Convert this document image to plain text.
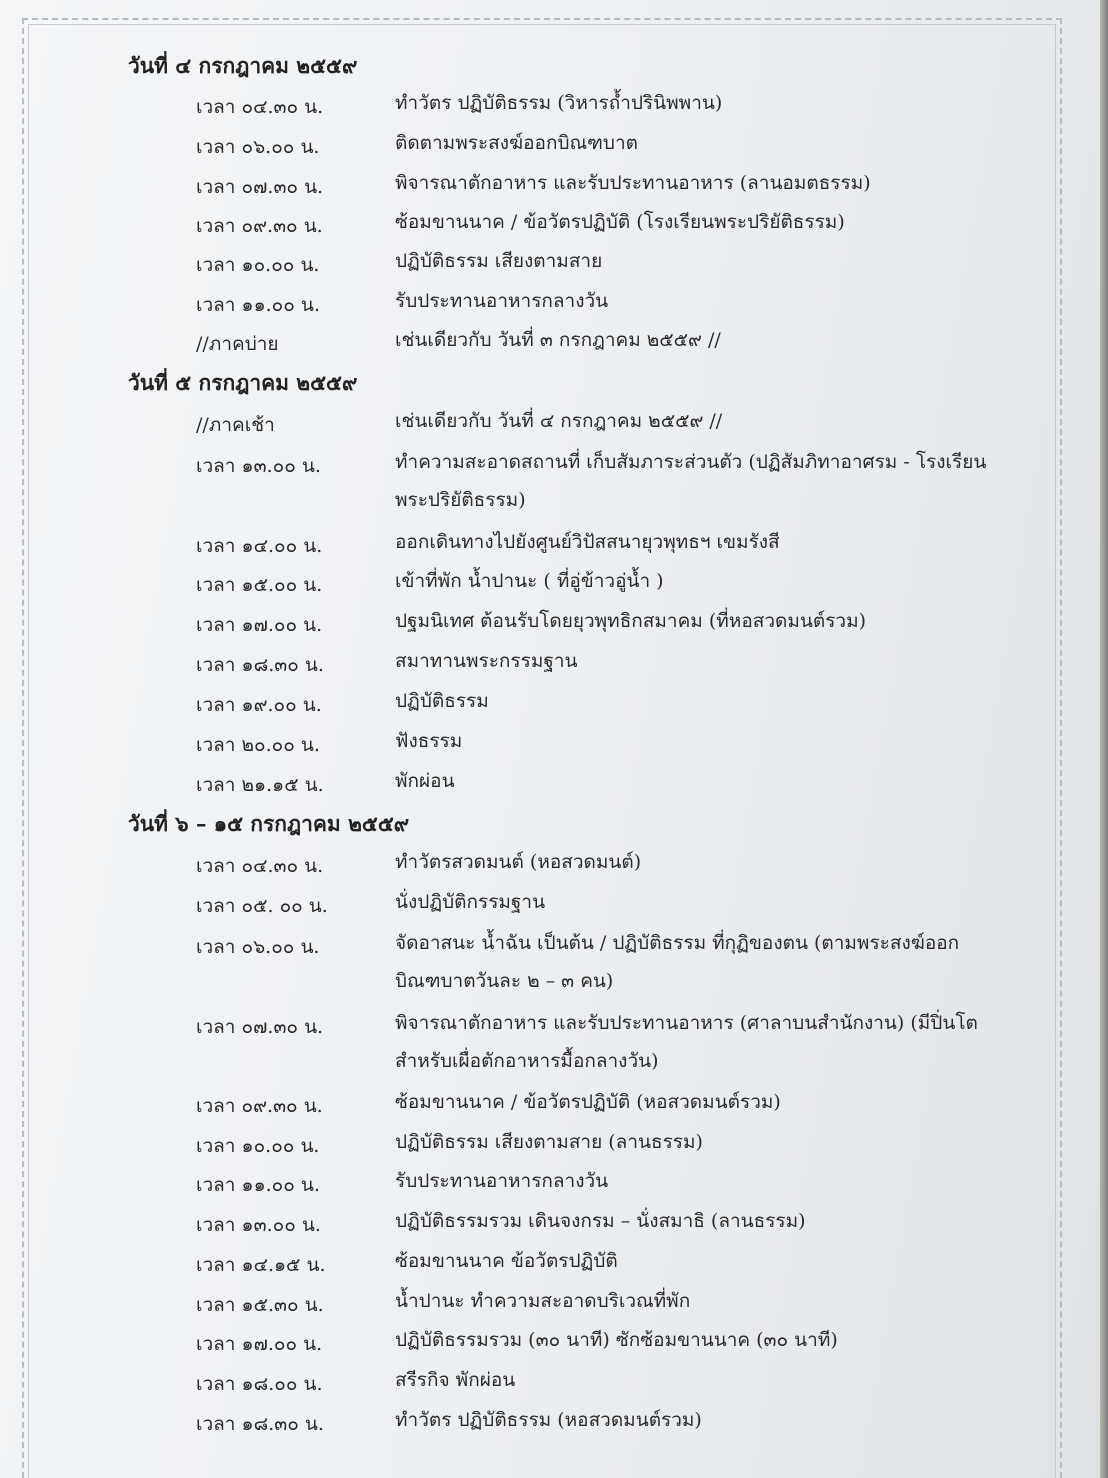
วันที่ ๔ กรกฎาคม ๒๕๕๙
เวลา ๐๔.๓๐ น.	ทำวัตร ปฏิบัติธรรม (วิหารถ้ำปรินิพพาน)
เวลา ๐๖.๐๐ น.	ติดตามพระสงฆ์ออกบิณฑบาต
เวลา ๐๗.๓๐ น.	พิจารณาตักอาหาร และรับประทานอาหาร (ลานอมตธรรม)
เวลา ๐๙.๓๐ น.	ซ้อมขานนาค / ข้อวัตรปฏิบัติ (โรงเรียนพระปริยัติธรรม)
เวลา ๑๐.๐๐ น.	ปฏิบัติธรรม เสียงตามสาย
เวลา ๑๑.๐๐ น.	รับประทานอาหารกลางวัน
//ภาคบ่าย	เช่นเดียวกับ วันที่ ๓ กรกฎาคม ๒๕๕๙ //
วันที่ ๕ กรกฎาคม ๒๕๕๙
//ภาคเช้า	เช่นเดียวกับ วันที่ ๔ กรกฎาคม ๒๕๕๙ //
เวลา ๑๓.๐๐ น.	ทำความสะอาดสถานที่ เก็บสัมภาระส่วนตัว (ปฏิสัมภิทาอาศรม - โรงเรียนพระปริยัติธรรม)
เวลา ๑๔.๐๐ น.	ออกเดินทางไปยังศูนย์วิปัสสนายุวพุทธฯ เขมรังสี
เวลา ๑๕.๐๐ น.	เข้าที่พัก น้ำปานะ ( ที่อู่ข้าวอู่น้ำ )
เวลา ๑๗.๐๐ น.	ปฐมนิเทศ ต้อนรับโดยยุวพุทธิกสมาคม (ที่หอสวดมนต์รวม)
เวลา ๑๘.๓๐ น.	สมาทานพระกรรมฐาน
เวลา ๑๙.๐๐ น.	ปฏิบัติธรรม
เวลา ๒๐.๐๐ น.	ฟังธรรม
เวลา ๒๑.๑๕ น.	พักผ่อน
วันที่ ๖ – ๑๕ กรกฎาคม ๒๕๕๙
เวลา ๐๔.๓๐ น.	ทำวัตรสวดมนต์ (หอสวดมนต์)
เวลา ๐๕. ๐๐ น.	นั่งปฏิบัติกรรมฐาน
เวลา ๐๖.๐๐ น.	จัดอาสนะ น้ำฉัน เป็นต้น / ปฏิบัติธรรม ที่กุฏิของตน (ตามพระสงฆ์ออกบิณฑบาตวันละ ๒ – ๓ คน)
เวลา ๐๗.๓๐ น.	พิจารณาตักอาหาร และรับประทานอาหาร (ศาลาบนสำนักงาน) (มีปิ่นโต สำหรับเผื่อตักอาหารมื้อกลางวัน)
เวลา ๐๙.๓๐ น.	ซ้อมขานนาค / ข้อวัตรปฏิบัติ (หอสวดมนต์รวม)
เวลา ๑๐.๐๐ น.	ปฏิบัติธรรม เสียงตามสาย (ลานธรรม)
เวลา ๑๑.๐๐ น.	รับประทานอาหารกลางวัน
เวลา ๑๓.๐๐ น.	ปฏิบัติธรรมรวม เดินจงกรม – นั่งสมาธิ (ลานธรรม)
เวลา ๑๔.๑๕ น.	ซ้อมขานนาค ข้อวัตรปฏิบัติ
เวลา ๑๕.๓๐ น.	น้ำปานะ ทำความสะอาดบริเวณที่พัก
เวลา ๑๗.๐๐ น.	ปฏิบัติธรรมรวม (๓๐ นาที) ซักซ้อมขานนาค (๓๐ นาที)
เวลา ๑๘.๐๐ น.	สรีรกิจ พักผ่อน
เวลา ๑๘.๓๐ น.	ทำวัตร ปฏิบัติธรรม (หอสวดมนต์รวม)
